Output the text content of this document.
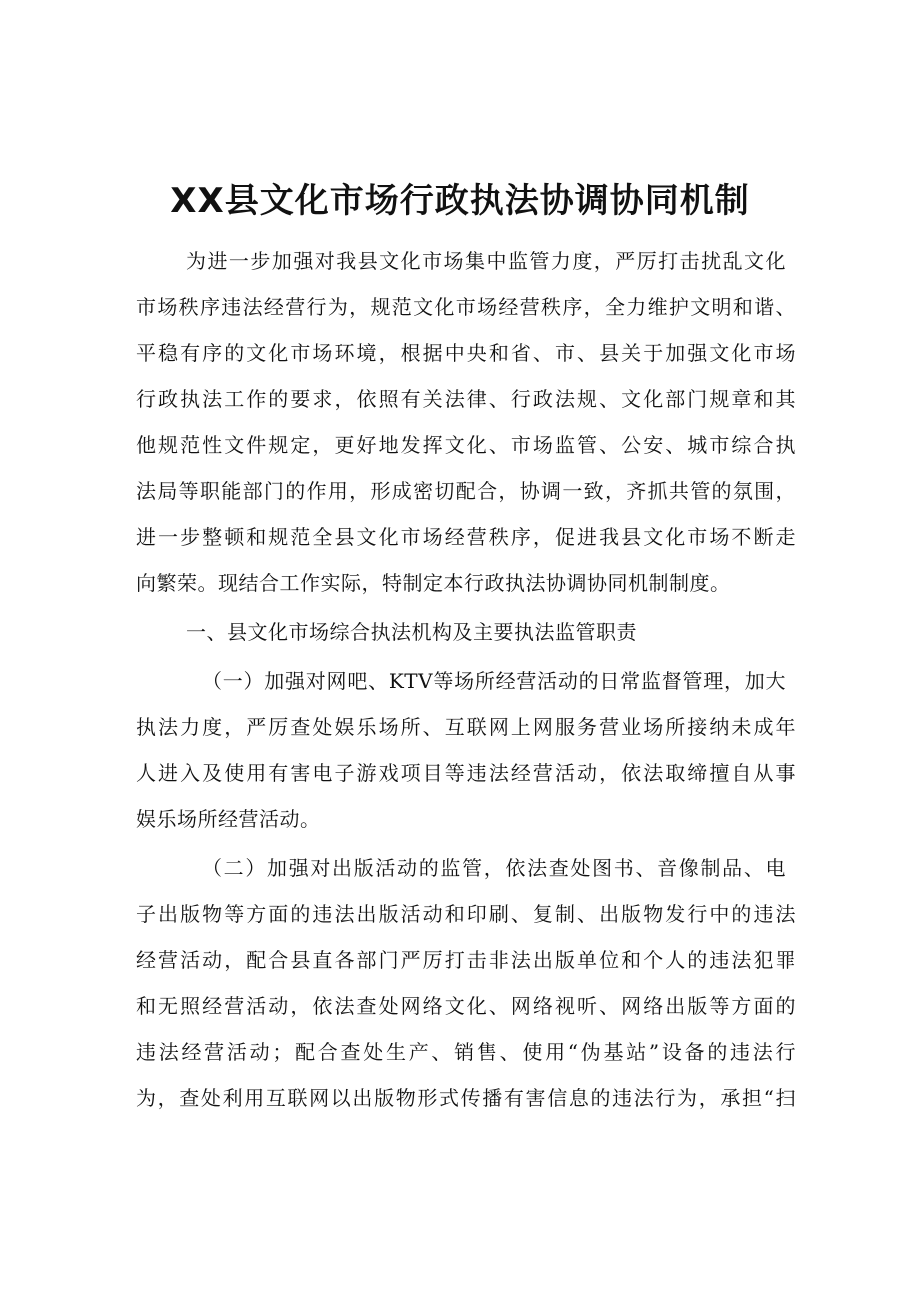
XX县文化市场行政执法协调协同机制

为进一步加强对我县文化市场集中监管力度，严厉打击扰乱文化

市场秩序违法经营行为，规范文化市场经营秩序，全力维护文明和谐、

平稳有序的文化市场环境，根据中央和省、市、县关于加强文化市场

行政执法工作的要求，依照有关法律、行政法规、文化部门规章和其

他规范性文件规定，更好地发挥文化、市场监管、公安、城市综合执

法局等职能部门的作用，形成密切配合，协调一致，齐抓共管的氛围，

进一步整顿和规范全县文化市场经营秩序，促进我县文化市场不断走

向繁荣。现结合工作实际，特制定本行政执法协调协同机制制度。

一、县文化市场综合执法机构及主要执法监管职责

（一）加强对网吧、KTV等场所经营活动的日常监督管理，加大

执法力度，严厉查处娱乐场所、互联网上网服务营业场所接纳未成年

人进入及使用有害电子游戏项目等违法经营活动，依法取缔擅自从事

娱乐场所经营活动。

（二）加强对出版活动的监管，依法查处图书、音像制品、电

子出版物等方面的违法出版活动和印刷、复制、出版物发行中的违法

经营活动，配合县直各部门严厉打击非法出版单位和个人的违法犯罪

和无照经营活动，依法查处网络文化、网络视听、网络出版等方面的

违法经营活动；配合查处生产、销售、使用“伪基站”设备的违法行

为，查处利用互联网以出版物形式传播有害信息的违法行为，承担“扫
